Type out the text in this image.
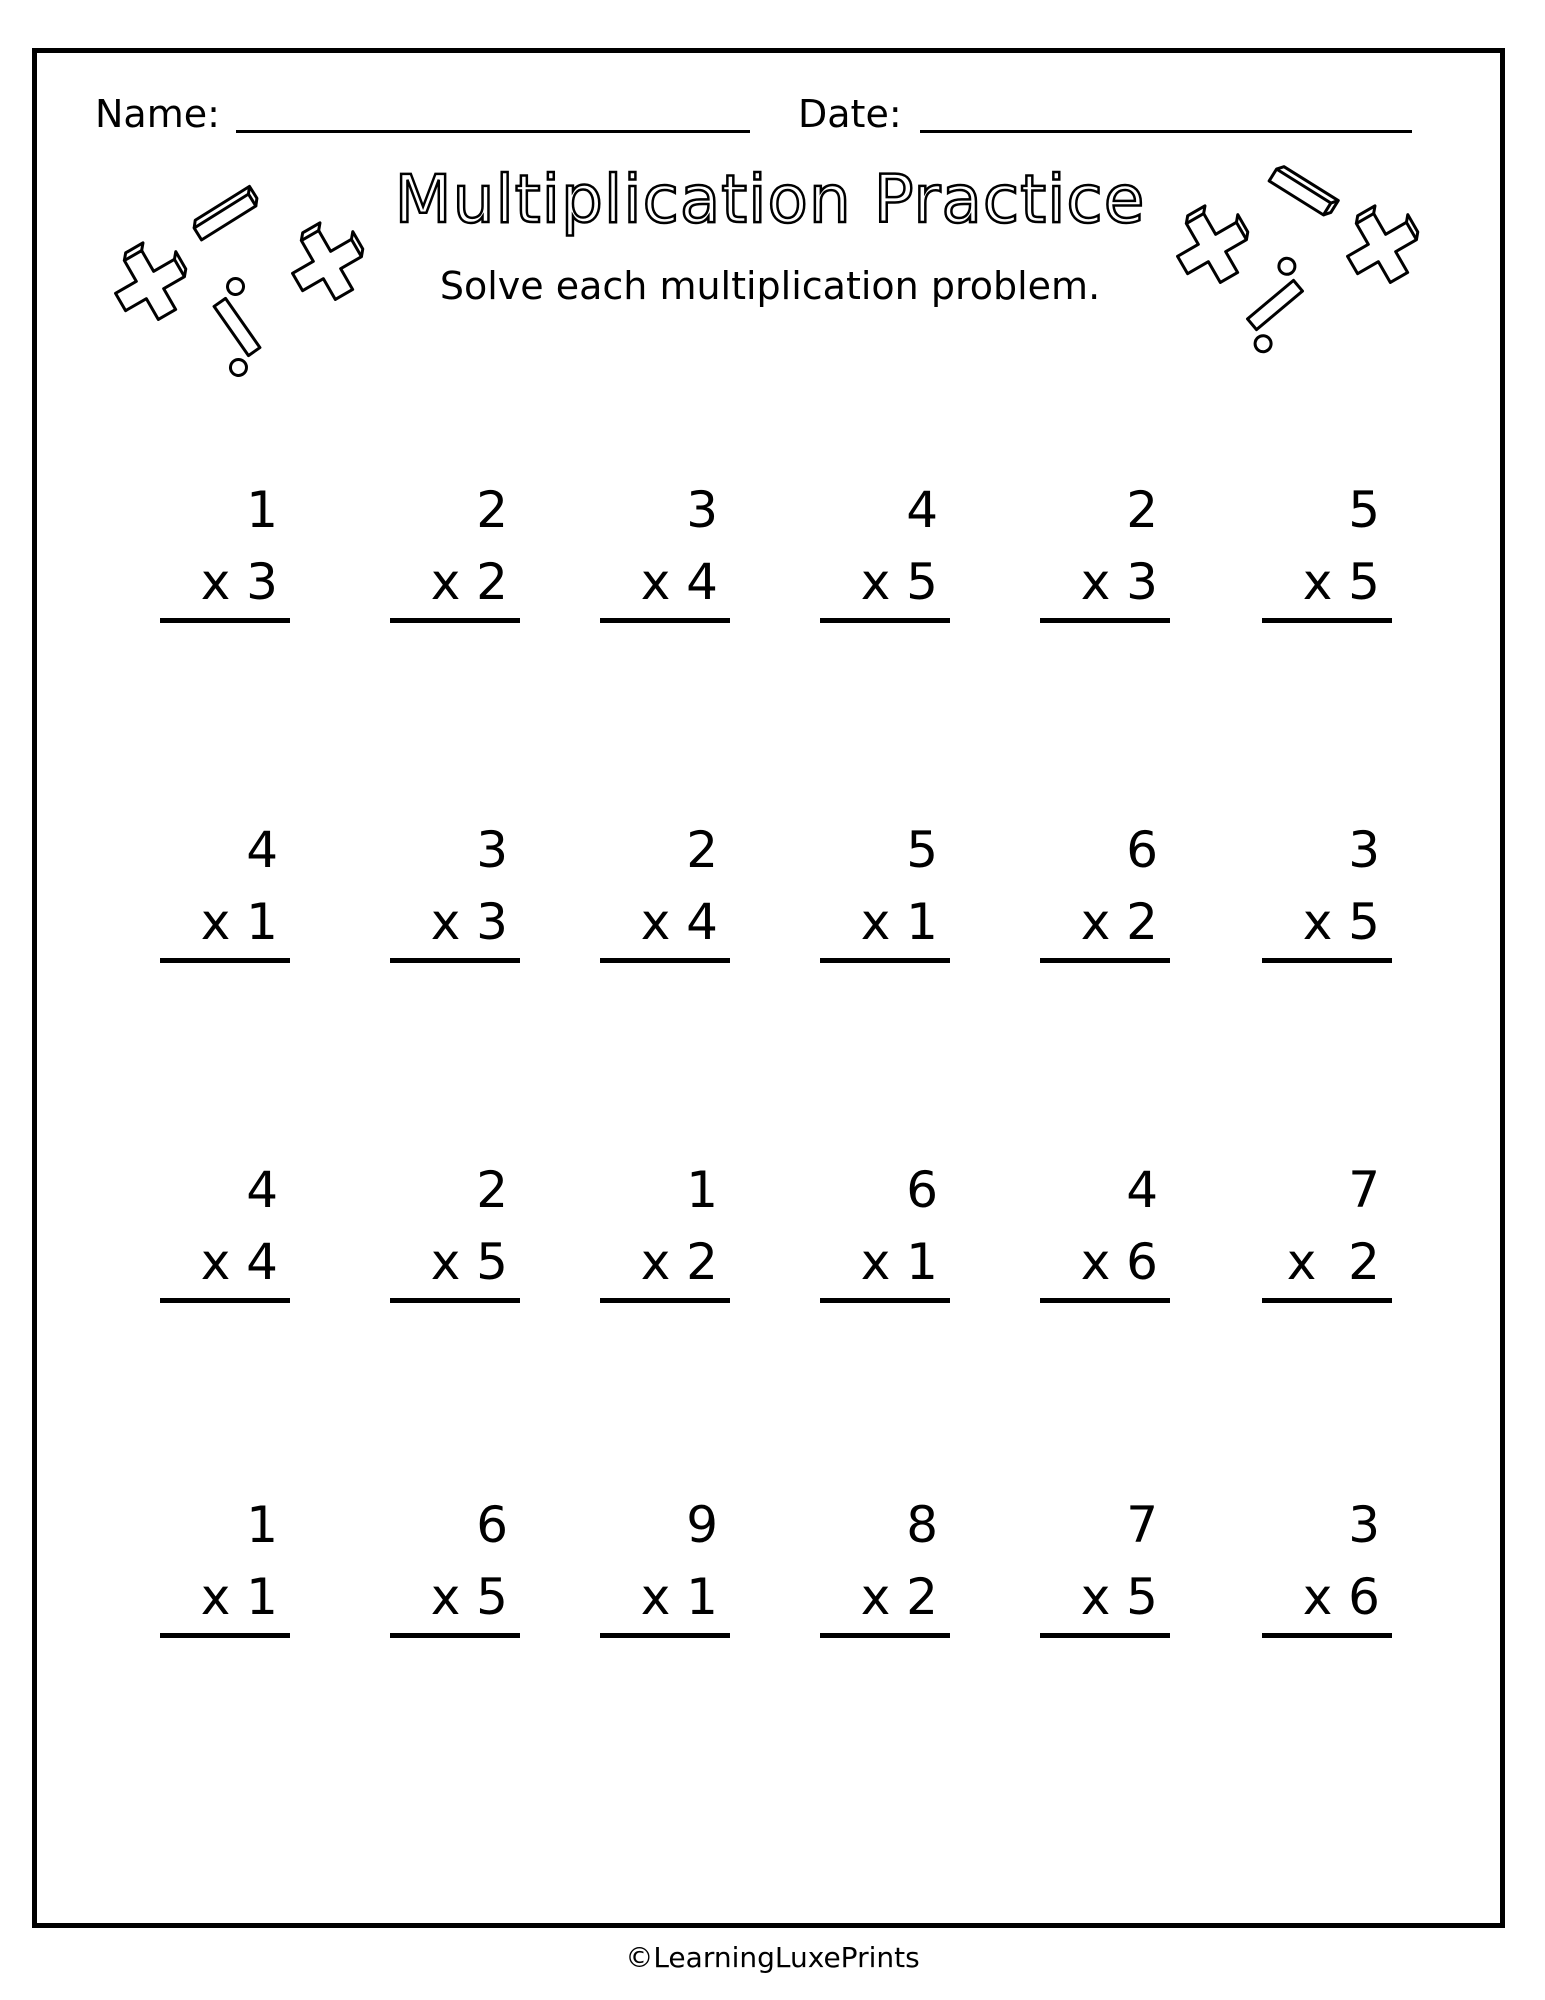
Name:	Date:
Multiplication Practice
Solve each multiplication problem.
1
x 3
2
x 2
3
x 4
4
x 5
2
x 3
5
x 5
4
x 1
3
x 3
2
x 4
5
x 1
6
x 2
3
x 5
4
x 4
2
x 5
1
x 2
6
x 1
4
x 6
7
x  2
1
x 1
6
x 5
9
x 1
8
x 2
7
x 5
3
x 6
©LearningLuxePrints
